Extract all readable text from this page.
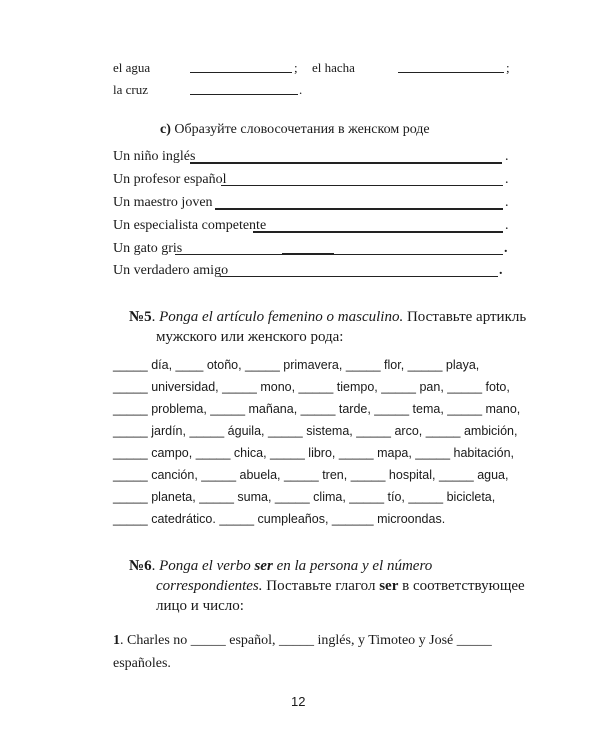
el agua	; el hacha	;
la cruz	.
c) Образуйте словосочетания в женском роде
Un niño inglés	.
Un profesor español	.
Un maestro joven	.
Un especialista competente	.
Un gato gris	.
Un verdadero amigo	.
№5. Ponga el artículo femenino o masculino. Поставьте артикль
мужского или женского рода:
_____ día, ____ otoño, _____ primavera, _____ flor, _____ playa,
_____ universidad, _____ mono, _____ tiempo, _____ pan, _____ foto,
_____ problema, _____ mañana, _____ tarde, _____ tema, _____ mano,
_____ jardín, _____ águila, _____ sistema, _____ arco, _____ ambición,
_____ campo, _____ chica, _____ libro, _____ mapa, _____ habitación,
_____ canción, _____ abuela, _____ tren, _____ hospital, _____ agua,
_____ planeta, _____ suma, _____ clima, _____ tío, _____ bicicleta,
_____ catedrático. _____ cumpleaños, ______ microondas.
№6. Ponga el verbo ser en la persona y el número
correspondientes. Поставьте глагол ser в соответствующее
лицо и число:
1. Charles no _____ español, _____ inglés, y Timoteo y José _____
españoles.
12
